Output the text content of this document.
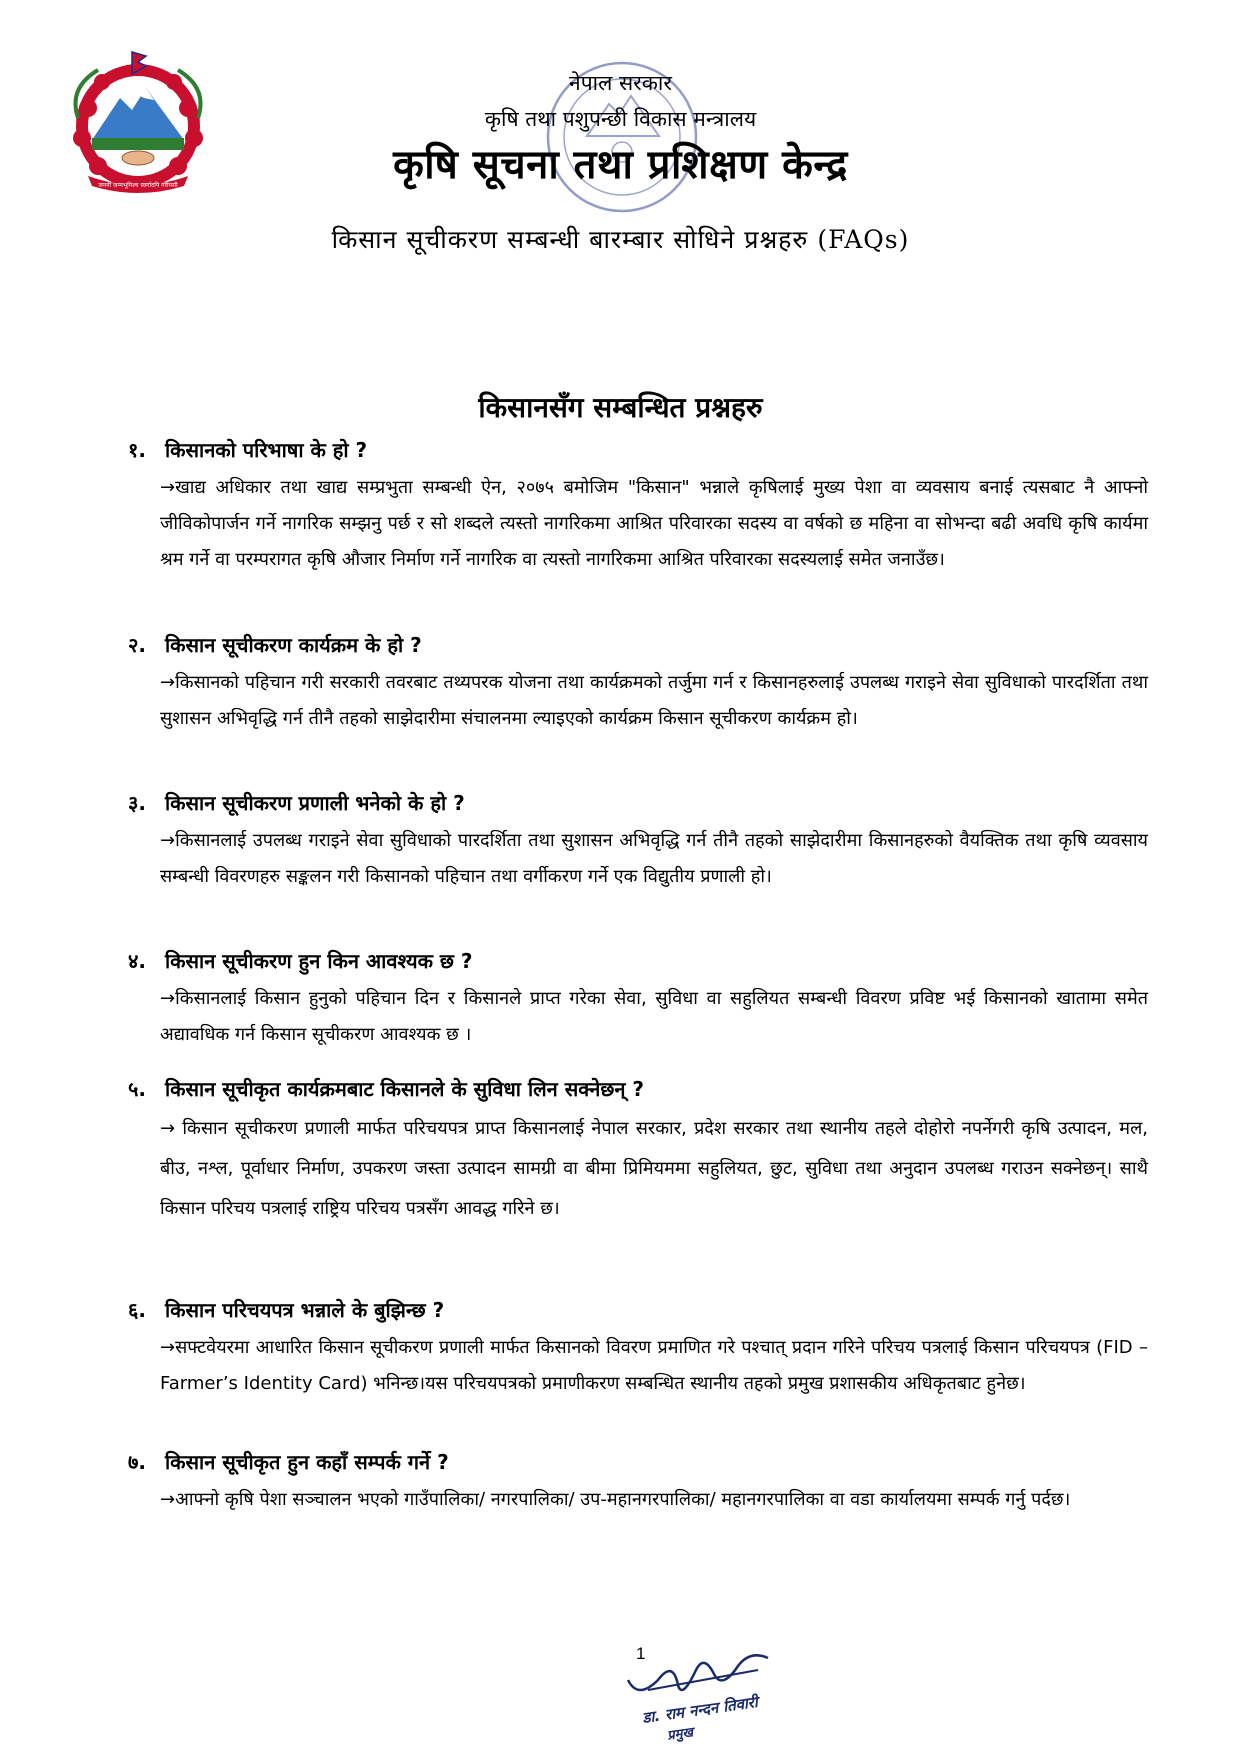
जननी जन्मभूमिश्च स्वर्गादपि गरीयसी
नेपाल सरकार
कृषि तथा पशुपन्छी विकास मन्त्रालय
कृषि सूचना तथा प्रशिक्षण केन्द्र
किसान सूचीकरण सम्बन्धी बारम्बार सोधिने प्रश्नहरु (FAQs)
किसानसँग सम्बन्धित प्रश्नहरु
१. किसानको परिभाषा के हो ?
→खाद्य अधिकार तथा खाद्य सम्प्रभुता सम्बन्धी ऐन, २०७५ बमोजिम "किसान" भन्नाले कृषिलाई मुख्य पेशा वा व्यवसाय बनाई त्यसबाट नै आफ्नो जीविकोपार्जन गर्ने नागरिक सम्झनु पर्छ र सो शब्दले त्यस्तो नागरिकमा आश्रित परिवारका सदस्य वा वर्षको छ महिना वा सोभन्दा बढी अवधि कृषि कार्यमा श्रम गर्ने वा परम्परागत कृषि औजार निर्माण गर्ने नागरिक वा त्यस्तो नागरिकमा आश्रित परिवारका सदस्यलाई समेत जनाउँछ।
२. किसान सूचीकरण कार्यक्रम के हो ?
→किसानको पहिचान गरी सरकारी तवरबाट तथ्यपरक योजना तथा कार्यक्रमको तर्जुमा गर्न र किसानहरुलाई उपलब्ध गराइने सेवा सुविधाको पारदर्शिता तथा सुशासन अभिवृद्धि गर्न तीनै तहको साझेदारीमा संचालनमा ल्याइएको कार्यक्रम किसान सूचीकरण कार्यक्रम हो।
३. किसान सूचीकरण प्रणाली भनेको के हो ?
→किसानलाई उपलब्ध गराइने सेवा सुविधाको पारदर्शिता तथा सुशासन अभिवृद्धि गर्न तीनै तहको साझेदारीमा किसानहरुको वैयक्तिक तथा कृषि व्यवसाय सम्बन्धी विवरणहरु सङ्कलन गरी किसानको पहिचान तथा वर्गीकरण गर्ने एक विद्युतीय प्रणाली हो।
४. किसान सूचीकरण हुन किन आवश्यक छ ?
→किसानलाई किसान हुनुको पहिचान दिन र किसानले प्राप्त गरेका सेवा, सुविधा वा सहुलियत सम्बन्धी विवरण प्रविष्ट भई किसानको खातामा समेत अद्यावधिक गर्न किसान सूचीकरण आवश्यक छ ।
५. किसान सूचीकृत कार्यक्रमबाट किसानले के सुविधा लिन सक्नेछन् ?
→ किसान सूचीकरण प्रणाली मार्फत परिचयपत्र प्राप्त किसानलाई नेपाल सरकार, प्रदेश सरकार तथा स्थानीय तहले दोहोरो नपर्नेगरी कृषि उत्पादन, मल, बीउ, नश्ल, पूर्वाधार निर्माण, उपकरण जस्ता उत्पादन सामग्री वा बीमा प्रिमियममा सहुलियत, छुट, सुविधा तथा अनुदान उपलब्ध गराउन सक्नेछन्। साथै किसान परिचय पत्रलाई राष्ट्रिय परिचय पत्रसँग आवद्ध गरिने छ।
६. किसान परिचयपत्र भन्नाले के बुझिन्छ ?
→सफ्टवेयरमा आधारित किसान सूचीकरण प्रणाली मार्फत किसानको विवरण प्रमाणित गरे पश्चात् प्रदान गरिने परिचय पत्रलाई किसान परिचयपत्र (FID – Farmer’s Identity Card) भनिन्छ।यस परिचयपत्रको प्रमाणीकरण सम्बन्धित स्थानीय तहको प्रमुख प्रशासकीय अधिकृतबाट हुनेछ।
७. किसान सूचीकृत हुन कहाँ सम्पर्क गर्ने ?
→आफ्नो कृषि पेशा सञ्चालन भएको गाउँपालिका/ नगरपालिका/ उप-महानगरपालिका/ महानगरपालिका वा वडा कार्यालयमा सम्पर्क गर्नु पर्दछ।
1
डा. राम नन्दन तिवारी
प्रमुख
